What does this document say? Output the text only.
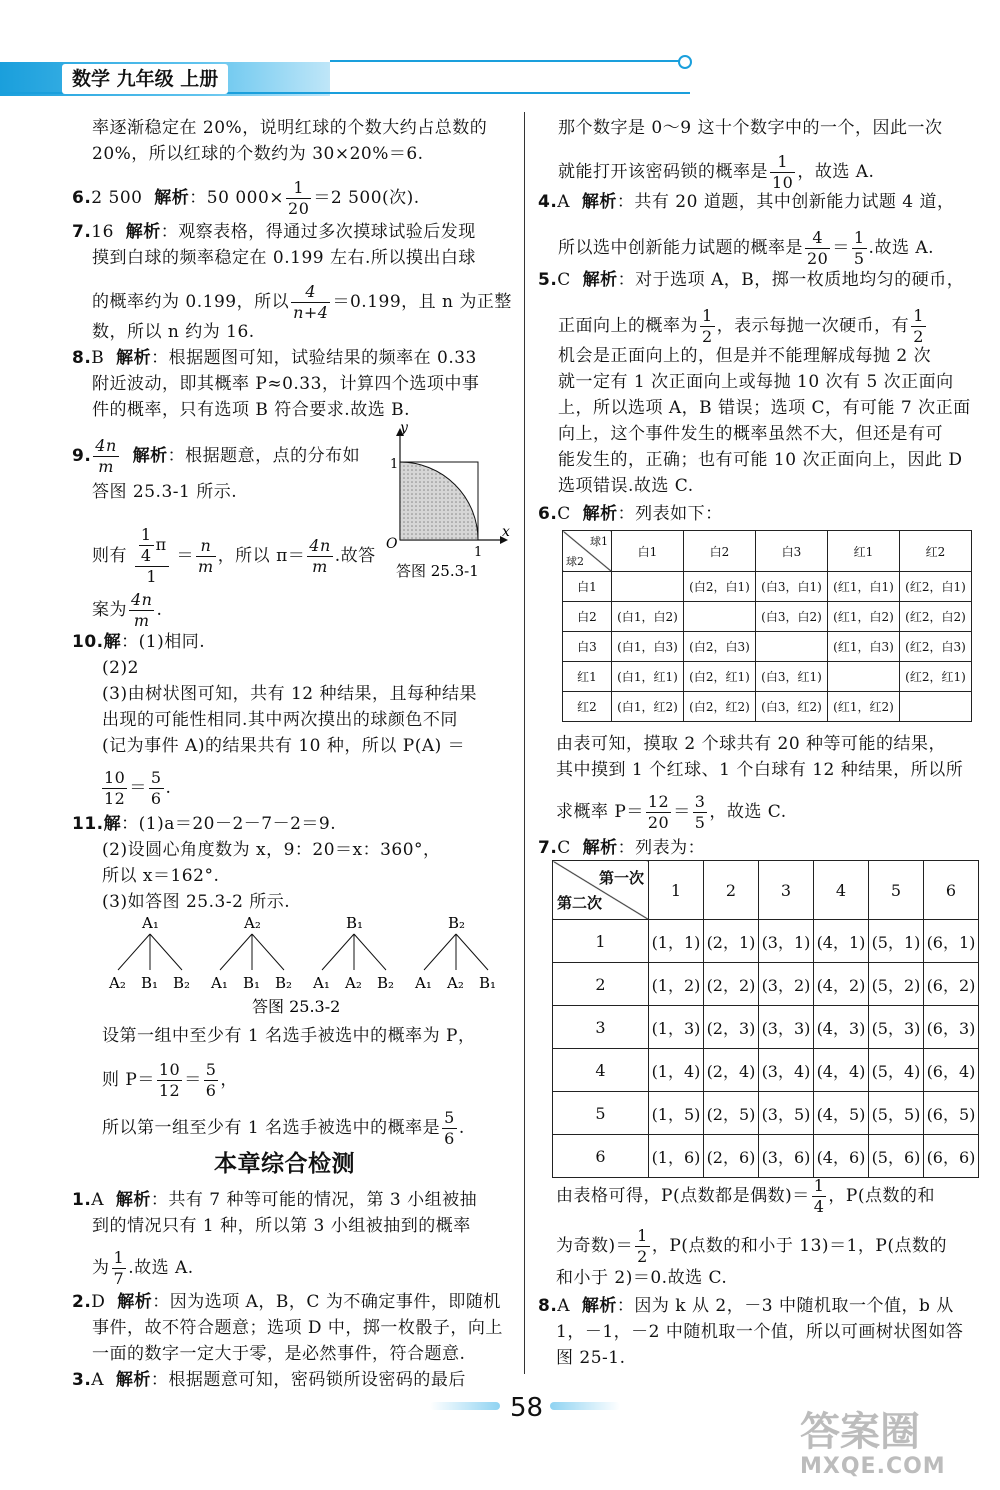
数学 九年级 上册
率逐渐稳定在 20%，说明红球的个数大约占总数的
20%，所以红球的个数约为 30×20%＝6.
6.2 500 解析：50 $000\times \frac{1}{20} =2$ 500(次).
7.16 解析：观察表格，得通过多次摸球试验后发现
摸到白球的频率稳定在 0.199 左右.所以摸出白球
的概率约为 0.199，所以 $\frac{4}{n+4} =0.199$，且 n 为正整
数，所以 n 约为 16.
8.B 解析：根据题图可知，试验结果的频率在 0.33
附近波动，即其概率 P≈0.33，计算四个选项中事
件的概率，只有选项 B 符合要求.故选 B.
9. $\frac{4n}{m}$ 解析：根据题意，点的分布如
答图 25.3-1 所示.
则有 $\frac{\frac{1}{4} \pi}{1} = \frac{n}{m}$ ，所以 $\pi= \frac{4n}{m}$ .故答
案为 $\frac{4n}{m}$ .
y
x
O
1
1
答图 25.3-1
10.解：(1)相同.
(2)2
(3)由树状图可知，共有 12 种结果，且每种结果
出现的可能性相同.其中两次摸出的球颜色不同
(记为事件 A)的结果共有 10 种，所以 P(A) ＝
$\frac{10}{12} = \frac{5}{6}$ .
11.解：(1)a＝20－2－7－2＝9.
(2)设圆心角度数为 x，9：20＝x：360°，
所以 x＝162°.
(3)如答图 25.3-2 所示.
A₁
A₂ B₁ B₂
A₂
A₁ B₁ B₂
B₁
A₁ A₂ B₂
B₂
A₁ A₂ B₁
答图 25.3-2
设第一组中至少有 1 名选手被选中的概率为 P，
则 $P= \frac{10}{12} = \frac{5}{6}$ ，
所以第一组至少有 1 名选手被选中的概率是 $\frac{5}{6}$ .
本章综合检测
1.A 解析：共有 7 种等可能的情况，第 3 小组被抽
到的情况只有 1 种，所以第 3 小组被抽到的概率
为 $\frac{1}{7}$ .故选 A.
2.D 解析：因为选项 A，B，C 为不确定事件，即随机
事件，故不符合题意；选项 D 中，掷一枚骰子，向上
一面的数字一定大于零，是必然事件，符合题意.
3.A 解析：根据题意可知，密码锁所设密码的最后
那个数字是 0～9 这十个数字中的一个，因此一次
就能打开该密码锁的概率是 $\frac{1}{10}$ ，故选 A.
4.A 解析：共有 20 道题，其中创新能力试题 4 道，
所以选中创新能力试题的概率是 $\frac{4}{20} = \frac{1}{5}$ .故选 A.
5.C 解析：对于选项 A，B，掷一枚质地均匀的硬币，
正面向上的概率为 $\frac{1}{2}$ ，表示每抛一次硬币，有 $\frac{1}{2}$
机会是正面向上的，但是并不能理解成每抛 2 次
就一定有 1 次正面向上或每抛 10 次有 5 次正面向
上，所以选项 A，B 错误；选项 C，有可能 7 次正面
向上，这个事件发生的概率虽然不大，但还是有可
能发生的，正确；也有可能 10 次正面向上，因此 D
选项错误.故选 C.
6.C 解析：列表如下：
球1
球2	白1	白2	白3	红1	红2
白1		(白2，白1)	(白3，白1)	(红1，白1)	(红2，白1)
白2	(白1，白2)		(白3，白2)	(红1，白2)	(红2，白2)
白3	(白1，白3)	(白2，白3)		(红1，白3)	(红2，白3)
红1	(白1，红1)	(白2，红1)	(白3，红1)		(红2，红1)
红2	(白1，红2)	(白2，红2)	(白3，红2)	(红1，红2)	
由表可知，摸取 2 个球共有 20 种等可能的结果，
其中摸到 1 个红球、1 个白球有 12 种结果，所以所
求概率 $P= \frac{12}{20} = \frac{3}{5}$ ，故选 C.
7.C 解析：列表为：
第一次
第二次	1	2	3	4	5	6
1	(1，1)	(2，1)	(3，1)	(4，1)	(5，1)	(6，1)
2	(1，2)	(2，2)	(3，2)	(4，2)	(5，2)	(6，2)
3	(1，3)	(2，3)	(3，3)	(4，3)	(5，3)	(6，3)
4	(1，4)	(2，4)	(3，4)	(4，4)	(5，4)	(6，4)
5	(1，5)	(2，5)	(3，5)	(4，5)	(5，5)	(6，5)
6	(1，6)	(2，6)	(3，6)	(4，6)	(5，6)	(6，6)
由表格可得，P(点数都是偶数)＝ $\frac{1}{4}$ ，P(点数的和
为奇数)＝ $\frac{1}{2}$ ，P(点数的和小于 13)＝1，P(点数的
和小于 2)＝0.故选 C.
8.A 解析：因为 k 从 2，－3 中随机取一个值，b 从
1，－1，－2 中随机取一个值，所以可画树状图如答
图 25-1.
58
答案圈
MXQE.COM
